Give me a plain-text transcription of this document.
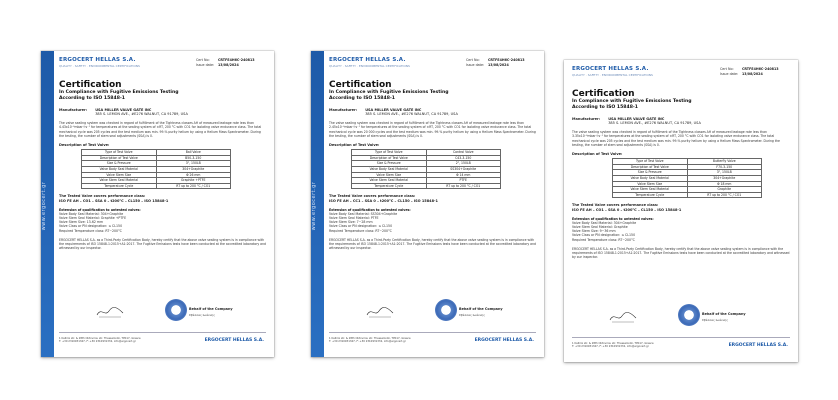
www.ergocert.gr
ERGOCERT HELLAS S.A.
QUALITY · SAFETY · ENVIRONMENTAL CERTIFICATIONS
Cert No:	CRTFE4H6C-240813
Issue date: 13/08/2024
Certification
In Compliance with Fugitive Emissions Testing
According to ISO 15848-1
Manufacturer: USA MILLER VALVE GATE INC
385 S. LEMON AVE., #E276 WALNUT, CA 91789, USA
The valve sealing system was checked in regard of fulfillment of the Tightness classes AH of measured leakage rate less than 4.43x10⁻⁶mbar·l·s⁻¹ for temperatures at the sealing system of ±RT, 200 °C with CO1 for isolating valve endurance class. The total mechanical cycle was 205 cycles and the test medium was min. 99.% purity helium by using a Helium Mass Spectrometer. During the testing, the number of stem seal adjustments (SSA) is 0.
Description of Test Valve:
Type of Test Valve	Ball Valve
Description of Test Valve	B50-3-150
Size & Pressure	3", 150LB
Valve Body Seal Material	304+Graphite
Valve Stem Size	Φ 26 mm
Valve Stem Seal Material	Graphite +PTFE
Temperature Cycle	RT up to 200 °C / CO1
The Tested Valve covers performance class:
ISO FE AH – CO1 – SSA 0 – t200°C – CL150 – ISO 15848-1
Extension of qualification to untested valves:
Valve Body Seal Material: 304+Graphite
Valve Stem Seal Material: Graphite +PTFE
Valve Stem Size: 13-62 mm
Valve Class or PN designation: ≤ CL150
Required Temperature class: RT~200°C
ERGOCERT HELLAS S.A. as a Third-Party Certification Body, hereby certify that the above valve sealing system is in compliance with the requirements of ISO 15848-1:2015+A1:2017. The Fugitive Emissions tests have been conducted at the accredited laboratory and witnessed by our inspector.
Behalf of the Company
Σβέλλας Ιωάννης
1 Kalliroi str. & 28th Oktovriou str. Thessaloniki, TPK17, Greece
T: +30 2310931347, F: +30 2310931332, info@ergocert.gr	ERGOCERT HELLAS S.A.
www.ergocert.gr
ERGOCERT HELLAS S.A.
QUALITY · SAFETY · ENVIRONMENTAL CERTIFICATIONS
Cert No:	CRTFE4H6C-240813
Issue date: 13/08/2024
Certification
In Compliance with Fugitive Emissions Testing
According to ISO 15848-1
Manufacturer: USA MILLER VALVE GATE INC
385 S. LEMON AVE., #E276 WALNUT, CA 91789, USA
The valve sealing system was checked in regard of fulfillment of the Tightness classes AH of measured leakage rate less than 2.45x10⁻⁶mbar·l·s⁻¹ for temperatures at the sealing system of ±RT, 200 °C with CO1 for isolating valve endurance class. The total mechanical cycle was 20 000 cycles and the test medium was min. 99.% purity helium by using a Helium Mass Spectrometer. During the testing, the number of stem seal adjustments (SSA) is 0.
Description of Test Valve:
Type of Test Valve	Control Valve
Description of Test Valve	C43-3-150
Size & Pressure	2", 150LB
Valve Body Seal Material	SS304+Graphite
Valve Stem Size	Φ 14 mm
Valve Stem Seal Material	PTFE
Temperature Cycle	RT up to 200 °C / CO1
The Tested Valve covers performance class:
ISO FE AH – CC1 – SSA 0 – t200°C – CL150 – ISO 15848-1
Extension of qualification to untested valves:
Valve Body Seal Material: SS304+Graphite
Valve Stem Seal Material: PTFE
Valve Stem Size: 7~28 mm
Valve Class or PN designation: ≤ CL150
Required Temperature class: RT~200°C
ERGOCERT HELLAS S.A. as a Third-Party Certification Body, hereby certify that the above valve sealing system is in compliance with the requirements of ISO 15848-1:2015+A1:2017. The Fugitive Emissions tests have been conducted at the accredited laboratory and witnessed by our inspector.
Behalf of the Company
Σβέλλας Ιωάννης
1 Kalliroi str. & 28th Oktovriou str. Thessaloniki, TPK17, Greece
T: +30 2310931347, F: +30 2310931332, info@ergocert.gr	ERGOCERT HELLAS S.A.
ERGOCERT HELLAS S.A.
QUALITY · SAFETY · ENVIRONMENTAL CERTIFICATIONS
Cert No:	CRTFE4H6C-240813
Issue date: 13/08/2024
Certification
In Compliance with Fugitive Emissions Testing
According to ISO 15848-1
Manufacturer: USA MILLER VALVE GATE INC
385 S. LEMON AVE., #E276 WALNUT, CA 91789, USA
The valve sealing system was checked in regard of fulfillment of the Tightness classes AH of measured leakage rate less than 3.35x10⁻⁶mbar·l·s⁻¹ for temperatures at the sealing system of ±RT, 200 °C with CO1 for isolating valve endurance class. The total mechanical cycle was 205 cycles and the test medium was min. 99.% purity helium by using a Helium Mass Spectrometer. During the testing, the number of stem seal adjustments (SSA) is 0.
Description of Test Valve:
Type of Test Valve	Butterfly Valve
Description of Test Valve	F70-3-150
Size & Pressure	3", 150LB
Valve Body Seal Material	304+Graphite
Valve Stem Size	Φ 18 mm
Valve Stem Seal Material	Graphite
Temperature Cycle	RT up to 200 °C / CO1
The Tested Valve covers performance class:
ISO FE AH – CO1 – SSA 0 – t200°C – CL150 – ISO 15848-1
Extension of qualification to untested valves:
Valve Body Seal Material: 304+Graphite
Valve Stem Seal Material: Graphite
Valve Stem Size: 9~36 mm
Valve Class or PN designation: ≤ CL150
Required Temperature class: RT~200°C
ERGOCERT HELLAS S.A. as a Third-Party Certification Body, hereby certify that the above valve sealing system is in compliance with the requirements of ISO 15848-1:2015+A1:2017. The Fugitive Emissions tests have been conducted at the accredited laboratory and witnessed by our inspector.
Behalf of the Company
Σβέλλας Ιωάννης
1 Kalliroi str. & 28th Oktovriou str. Thessaloniki, TPK17, Greece
T: +30 2310931347, F: +30 2310931332, info@ergocert.gr	ERGOCERT HELLAS S.A.
